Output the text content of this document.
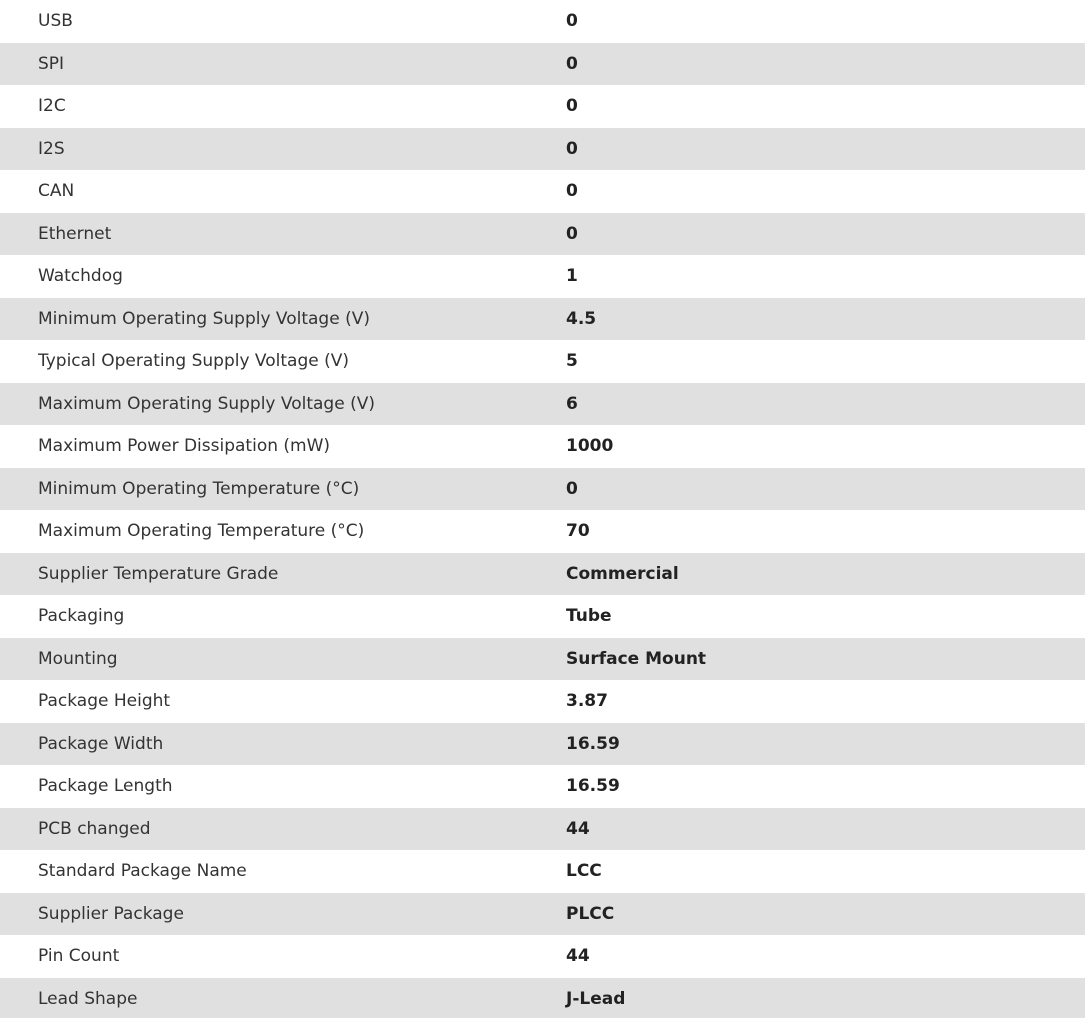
USB	0
SPI	0
I2C	0
I2S	0
CAN	0
Ethernet	0
Watchdog	1
Minimum Operating Supply Voltage (V)	4.5
Typical Operating Supply Voltage (V)	5
Maximum Operating Supply Voltage (V)	6
Maximum Power Dissipation (mW)	1000
Minimum Operating Temperature (°C)	0
Maximum Operating Temperature (°C)	70
Supplier Temperature Grade	Commercial
Packaging	Tube
Mounting	Surface Mount
Package Height	3.87
Package Width	16.59
Package Length	16.59
PCB changed	44
Standard Package Name	LCC
Supplier Package	PLCC
Pin Count	44
Lead Shape	J-Lead
